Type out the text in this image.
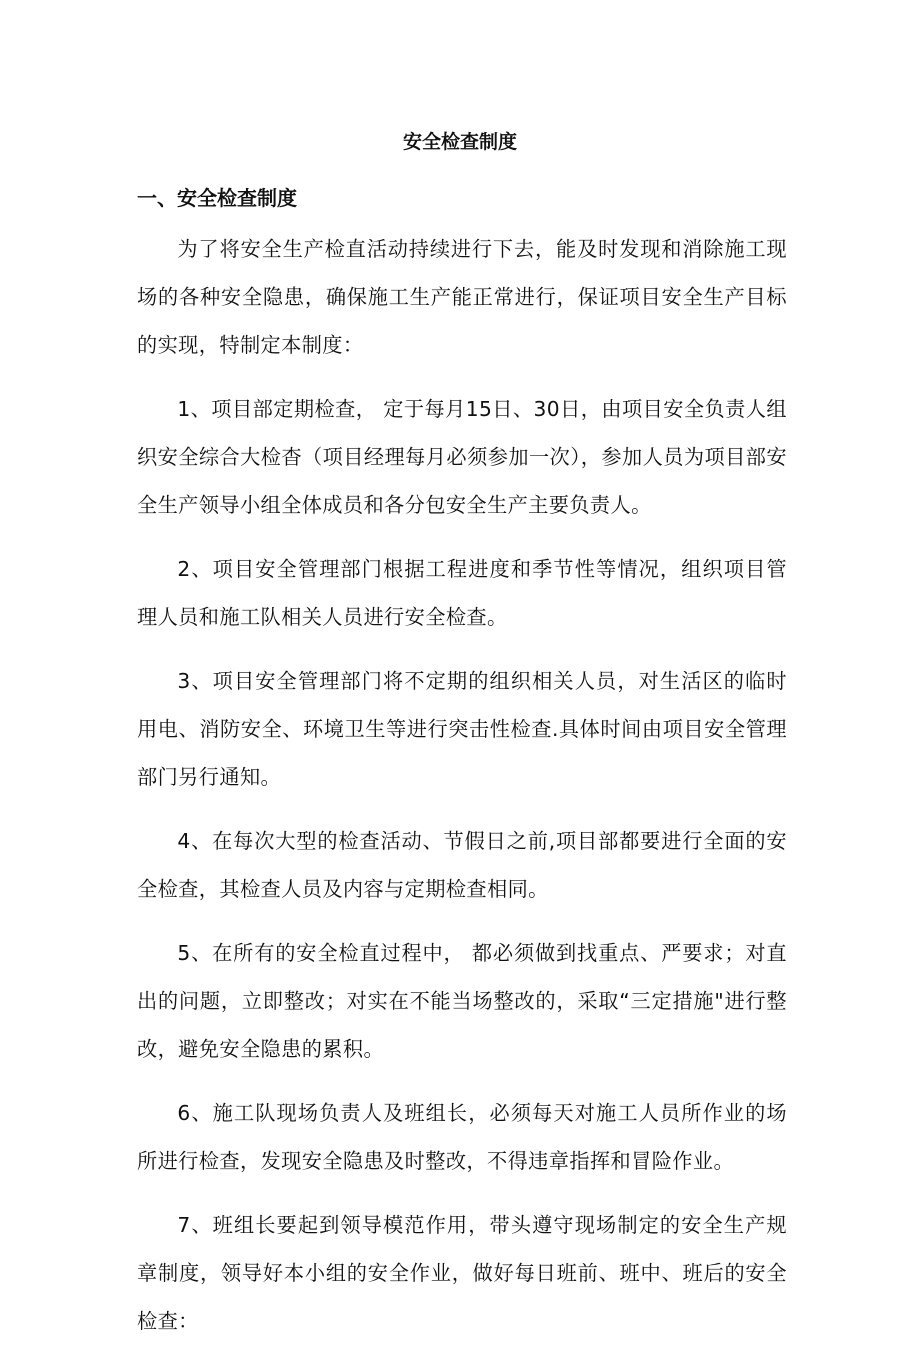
安全检查制度
一、安全检查制度

为了将安全生产检直活动持续进行下去，能及时发现和消除施工现场的各种安全隐患，确保施工生产能正常进行，保证项目安全生产目标的实现，特制定本制度：

1、项目部定期检查， 定于每月15日、30日，由项目安全负责人组织安全综合大检杳（项目经理每月必须参加一次），参加人员为项目部安全生产领导小组全体成员和各分包安全生产主要负责人。

2、项目安全管理部门根据工程进度和季节性等情况，组织项目管理人员和施工队相关人员进行安全检查。

3、项目安全管理部门将不定期的组织相关人员，对生活区的临时用电、消防安全、环境卫生等进行突击性检查.具体时间由项目安全管理部门另行通知。

4、在每次大型的检查活动、节假日之前,项目部都要进行全面的安全检查，其检查人员及内容与定期检查相同。

5、在所有的安全检直过程中， 都必须做到找重点、严要求；对直出的问题，立即整改；对实在不能当场整改的，采取“三定措施"进行整改，避免安全隐患的累积。

6、施工队现场负责人及班组长，必须每天对施工人员所作业的场所进行检查，发现安全隐患及时整改，不得违章指挥和冒险作业。

7、班组长要起到领导模范作用，带头遵守现场制定的安全生产规章制度，领导好本小组的安全作业，做好每日班前、班中、班后的安全检查：
